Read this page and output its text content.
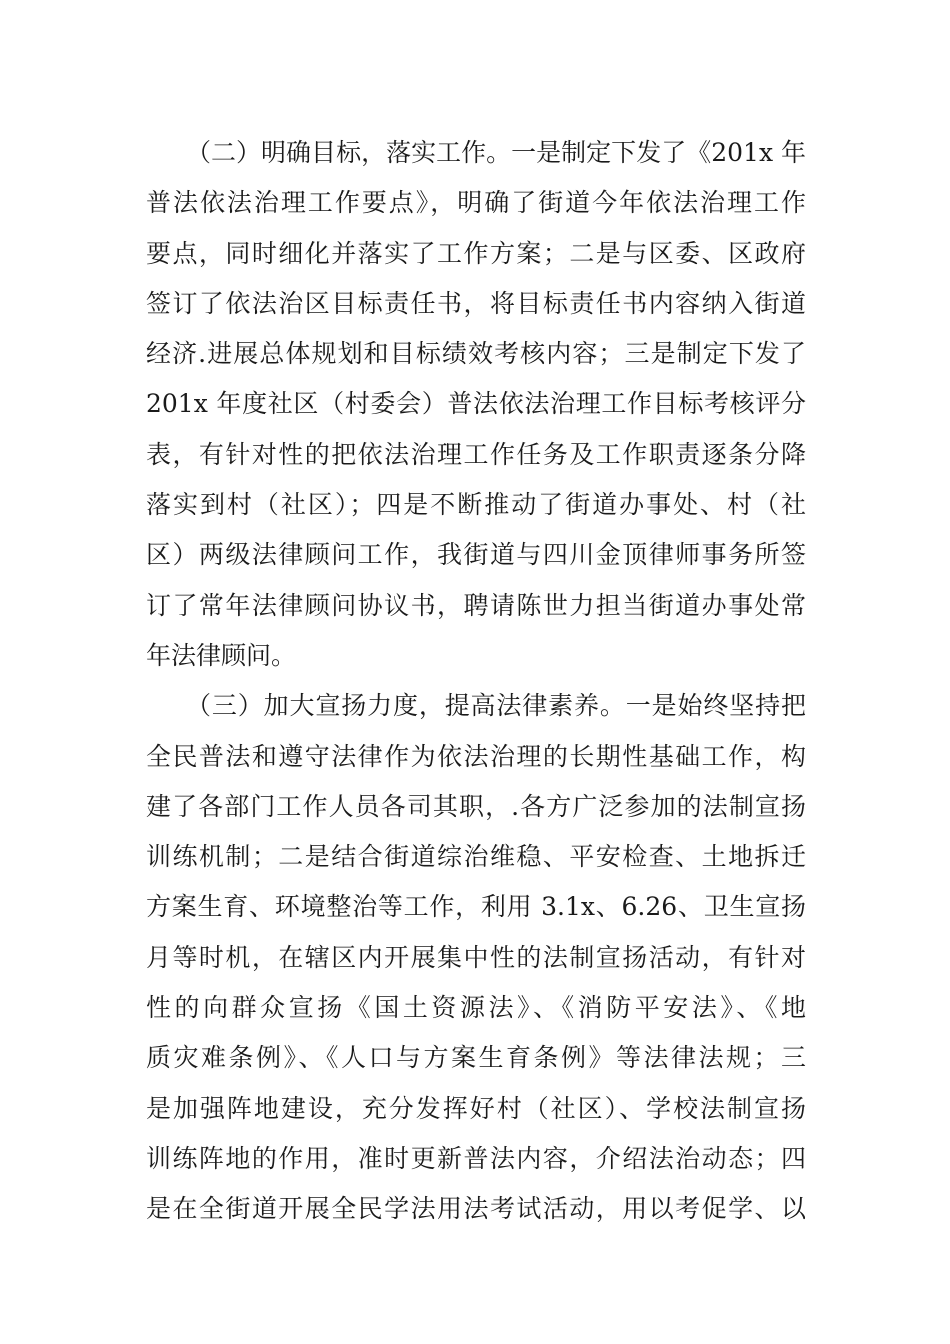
（二）明确目标，落实工作。一是制定下发了《201x 年
普法依法治理工作要点》，明确了街道今年依法治理工作
要点，同时细化并落实了工作方案；二是与区委、区政府
签订了依法治区目标责任书，将目标责任书内容纳入街道
经济.进展总体规划和目标绩效考核内容；三是制定下发了
201x 年度社区（村委会）普法依法治理工作目标考核评分
表，有针对性的把依法治理工作任务及工作职责逐条分降
落实到村（社区）；四是不断推动了街道办事处、村（社
区）两级法律顾问工作，我街道与四川金顶律师事务所签
订了常年法律顾问协议书，聘请陈世力担当街道办事处常
年法律顾问。
（三）加大宣扬力度，提高法律素养。一是始终坚持把
全民普法和遵守法律作为依法治理的长期性基础工作，构
建了各部门工作人员各司其职，.各方广泛参加的法制宣扬
训练机制；二是结合街道综治维稳、平安检查、土地拆迁
方案生育、环境整治等工作，利用 3.1x、6.26、卫生宣扬
月等时机，在辖区内开展集中性的法制宣扬活动，有针对
性的向群众宣扬《国土资源法》、《消防平安法》、《地
质灾难条例》、《人口与方案生育条例》等法律法规；三
是加强阵地建设，充分发挥好村（社区）、学校法制宣扬
训练阵地的作用，准时更新普法内容，介绍法治动态；四
是在全街道开展全民学法用法考试活动，用以考促学、以
